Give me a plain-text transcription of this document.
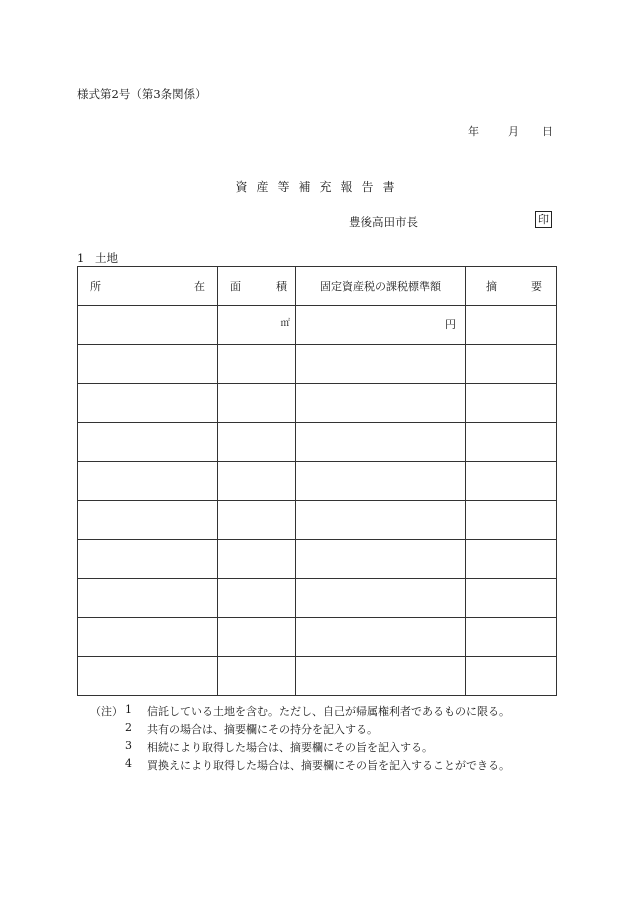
様式第2号（第3条関係）
年	月 日
資産等補充報告書
豊後高田市長	印
1 土地
所 在	面 積	固定資産税の課税標準額	摘 要

	㎡	円	

（注） 1 信託している土地を含む。ただし、自己が帰属権利者であるものに限る。
2 共有の場合は、摘要欄にその持分を記入する。
3 相続により取得した場合は、摘要欄にその旨を記入する。
4 買換えにより取得した場合は、摘要欄にその旨を記入することができる。
